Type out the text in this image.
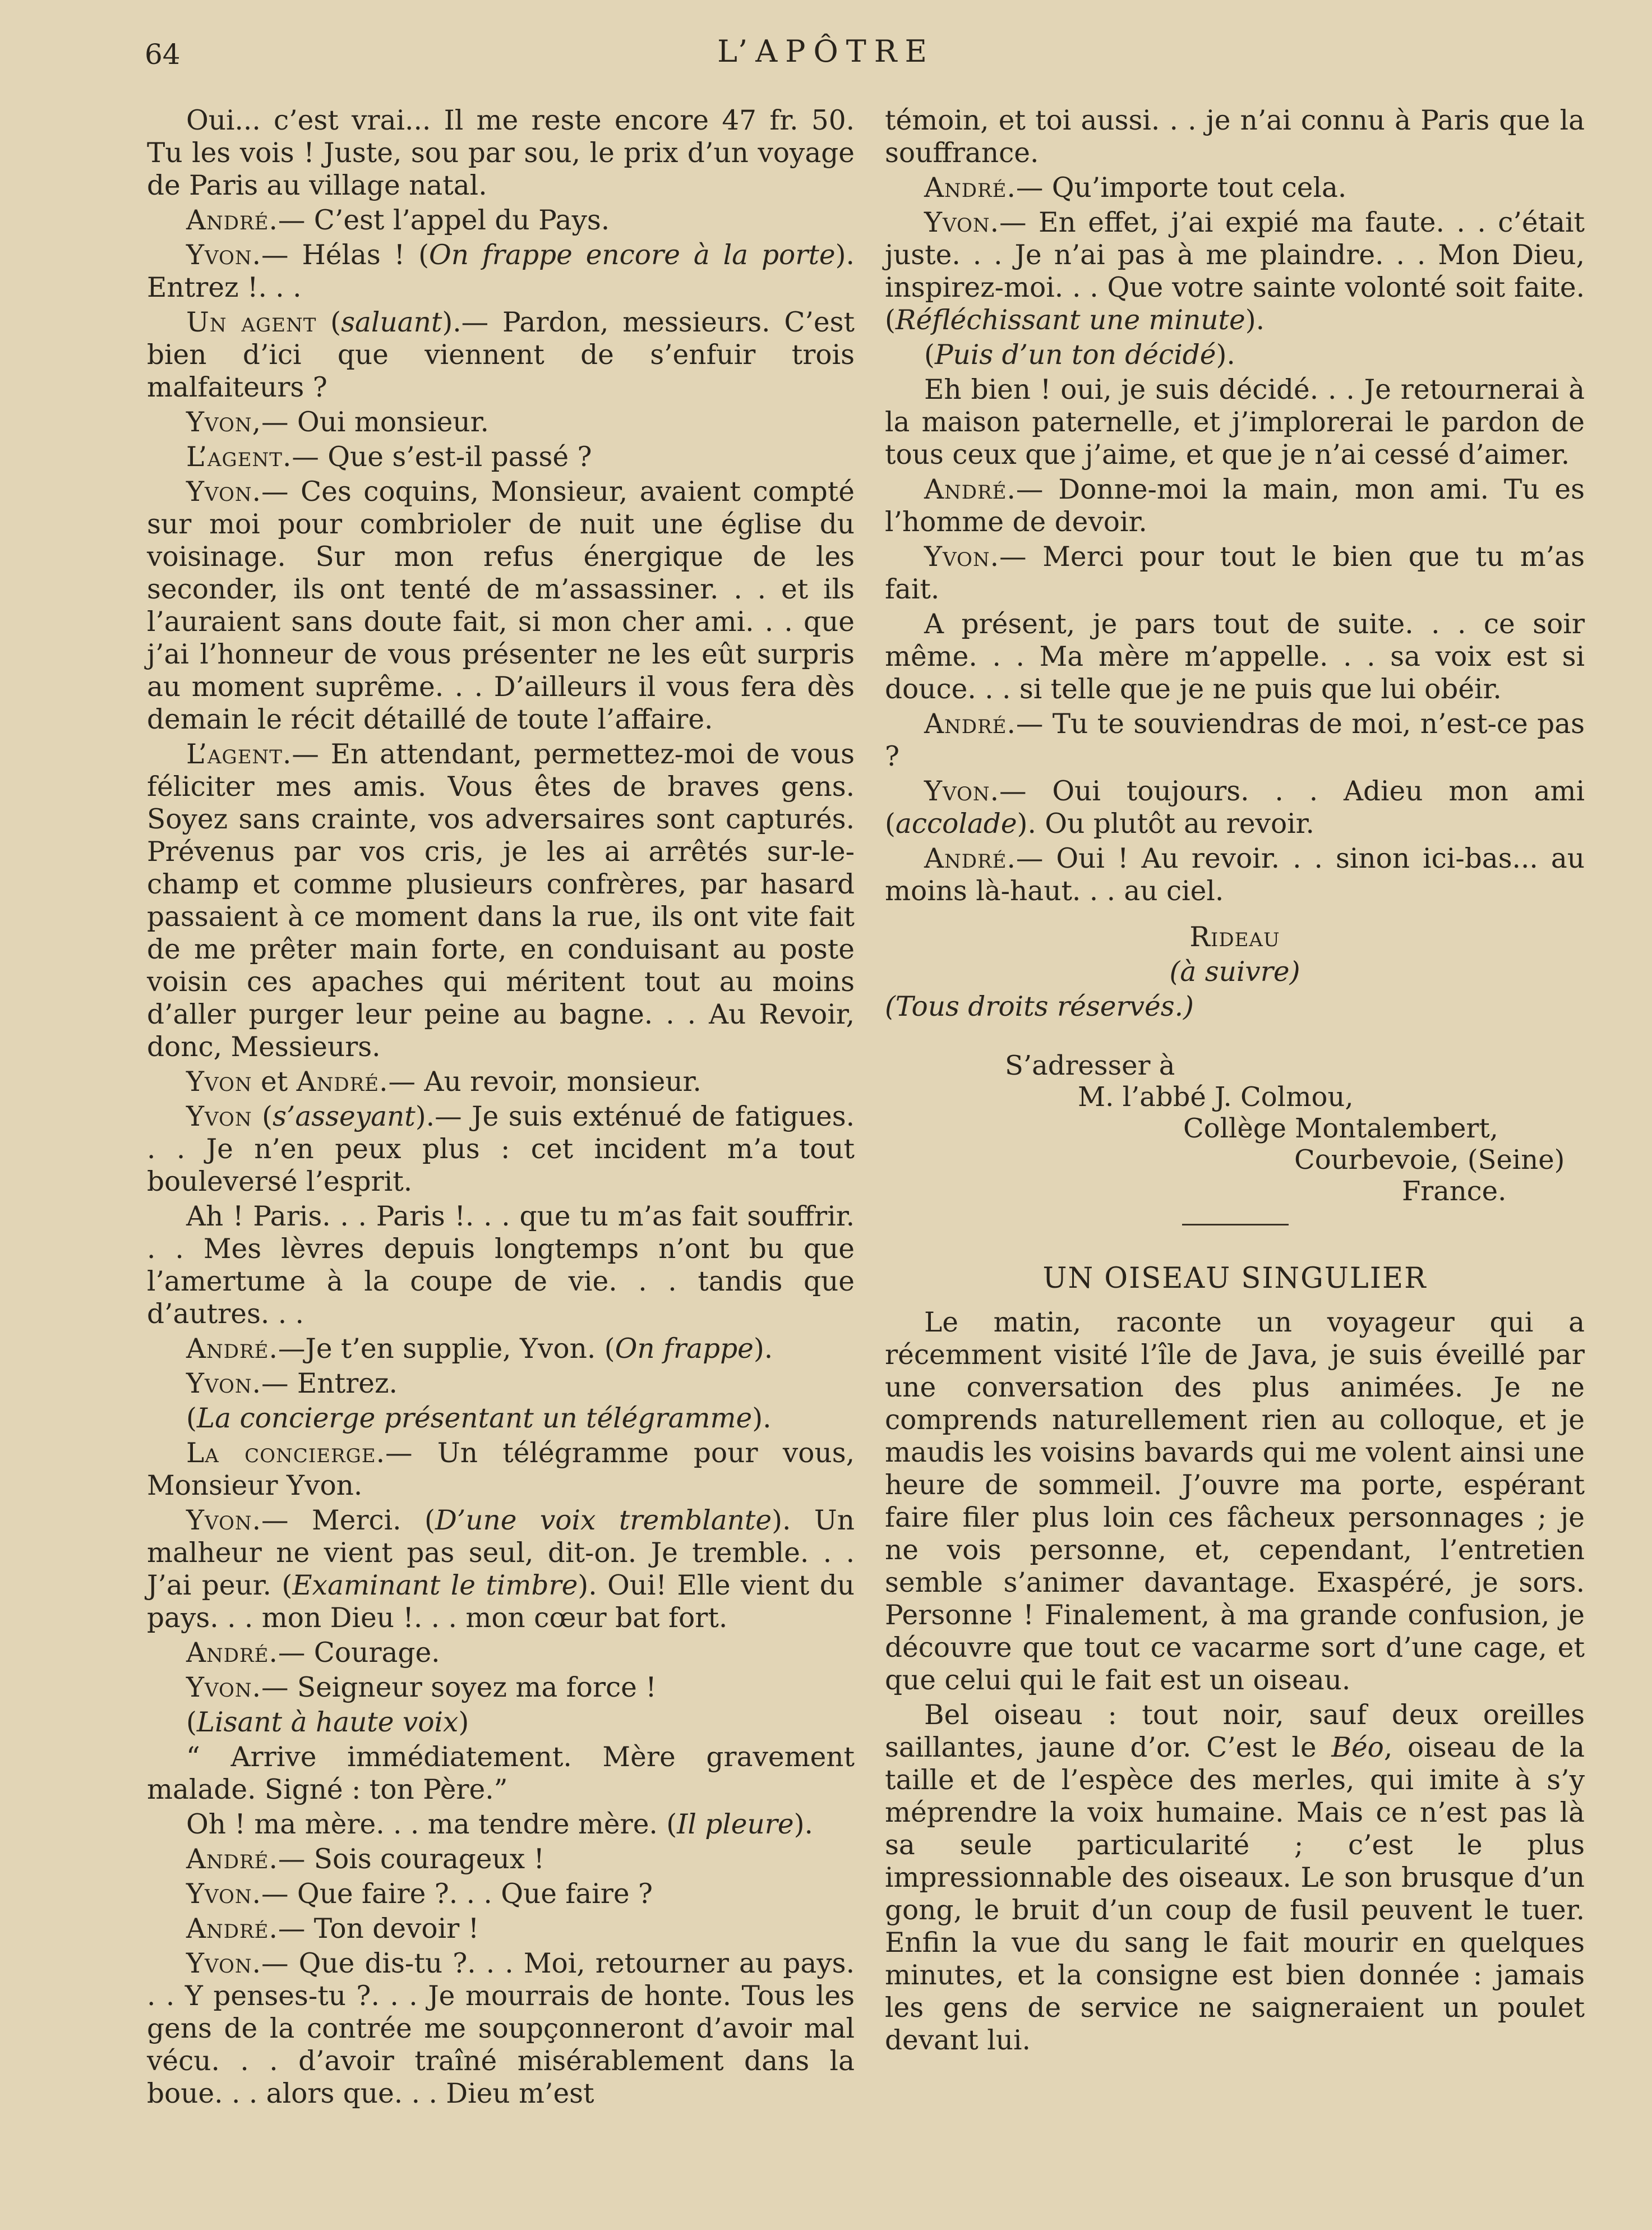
64	L’APÔTRE
Oui... c’est vrai... Il me reste encore 47 fr. 50. Tu les vois ! Juste, sou par sou, le prix d’un voyage de Paris au village natal.
André.— C’est l’appel du Pays.
Yvon.— Hélas ! (On frappe encore à la porte). Entrez !. . .
Un agent (saluant).— Pardon, messieurs. C’est bien d’ici que viennent de s’enfuir trois malfaiteurs ?
Yvon,— Oui monsieur.
L’agent.— Que s’est-il passé ?
Yvon.— Ces coquins, Monsieur, avaient compté sur moi pour combrioler de nuit une église du voisinage. Sur mon refus énergique de les seconder, ils ont tenté de m’assassiner. . . et ils l’auraient sans doute fait, si mon cher ami. . . que j’ai l’honneur de vous présenter ne les eût surpris au moment suprême. . . D’ailleurs il vous fera dès demain le récit détaillé de toute l’affaire.
L’agent.— En attendant, permettez-moi de vous féliciter mes amis. Vous êtes de braves gens. Soyez sans crainte, vos adversaires sont capturés. Prévenus par vos cris, je les ai arrêtés sur-le-champ et comme plusieurs confrères, par hasard passaient à ce moment dans la rue, ils ont vite fait de me prêter main forte, en conduisant au poste voisin ces apaches qui méritent tout au moins d’aller purger leur peine au bagne. . . Au Revoir, donc, Messieurs.
Yvon et André.— Au revoir, monsieur.
Yvon (s’asseyant).— Je suis exténué de fatigues. . . Je n’en peux plus : cet incident m’a tout bouleversé l’esprit.
Ah ! Paris. . . Paris !. . . que tu m’as fait souffrir. . . Mes lèvres depuis longtemps n’ont bu que l’amertume à la coupe de vie. . . tandis que d’autres. . .
André.—Je t’en supplie, Yvon. (On frappe).
Yvon.— Entrez.
(La concierge présentant un télégramme).
La concierge.— Un télégramme pour vous, Monsieur Yvon.
Yvon.— Merci. (D’une voix tremblante). Un malheur ne vient pas seul, dit-on. Je tremble. . . J’ai peur. (Examinant le timbre). Oui! Elle vient du pays. . . mon Dieu !. . . mon cœur bat fort.
André.— Courage.
Yvon.— Seigneur soyez ma force !
(Lisant à haute voix)
“ Arrive immédiatement. Mère gravement malade. Signé : ton Père.”
Oh ! ma mère. . . ma tendre mère. (Il pleure).
André.— Sois courageux !
Yvon.— Que faire ?. . . Que faire ?
André.— Ton devoir !
Yvon.— Que dis-tu ?. . . Moi, retourner au pays. . . Y penses-tu ?. . . Je mourrais de honte. Tous les gens de la contrée me soupçonneront d’avoir mal vécu. . . d’avoir traîné misérablement dans la boue. . . alors que. . . Dieu m’est
témoin, et toi aussi. . . je n’ai connu à Paris que la souffrance.
André.— Qu’importe tout cela.
Yvon.— En effet, j’ai expié ma faute. . . c’était juste. . . Je n’ai pas à me plaindre. . . Mon Dieu, inspirez-moi. . . Que votre sainte volonté soit faite. (Réfléchissant une minute).
(Puis d’un ton décidé).
Eh bien ! oui, je suis décidé. . . Je retournerai à la maison paternelle, et j’implorerai le pardon de tous ceux que j’aime, et que je n’ai cessé d’aimer.
André.— Donne-moi la main, mon ami. Tu es l’homme de devoir.
Yvon.— Merci pour tout le bien que tu m’as fait.
A présent, je pars tout de suite. . . ce soir même. . . Ma mère m’appelle. . . sa voix est si douce. . . si telle que je ne puis que lui obéir.
André.— Tu te souviendras de moi, n’est-ce pas ?
Yvon.— Oui toujours. . . Adieu mon ami (accolade). Ou plutôt au revoir.
André.— Oui ! Au revoir. . . sinon ici-bas... au moins là-haut. . . au ciel.
Rideau
(à suivre)
(Tous droits réservés.)
S’adresser à
M. l’abbé J. Colmou,
Collège Montalembert,
Courbevoie, (Seine)
France.
UN OISEAU SINGULIER
Le matin, raconte un voyageur qui a récemment visité l’île de Java, je suis éveillé par une conversation des plus animées. Je ne comprends naturellement rien au colloque, et je maudis les voisins bavards qui me volent ainsi une heure de sommeil. J’ouvre ma porte, espérant faire filer plus loin ces fâcheux personnages ; je ne vois personne, et, cependant, l’entretien semble s’animer davantage. Exaspéré, je sors. Personne ! Finalement, à ma grande confusion, je découvre que tout ce vacarme sort d’une cage, et que celui qui le fait est un oiseau.
Bel oiseau : tout noir, sauf deux oreilles saillantes, jaune d’or. C’est le Béo, oiseau de la taille et de l’espèce des merles, qui imite à s’y méprendre la voix humaine. Mais ce n’est pas là sa seule particularité ; c’est le plus impressionnable des oiseaux. Le son brusque d’un gong, le bruit d’un coup de fusil peuvent le tuer. Enfin la vue du sang le fait mourir en quelques minutes, et la consigne est bien donnée : jamais les gens de service ne saigneraient un poulet devant lui.
